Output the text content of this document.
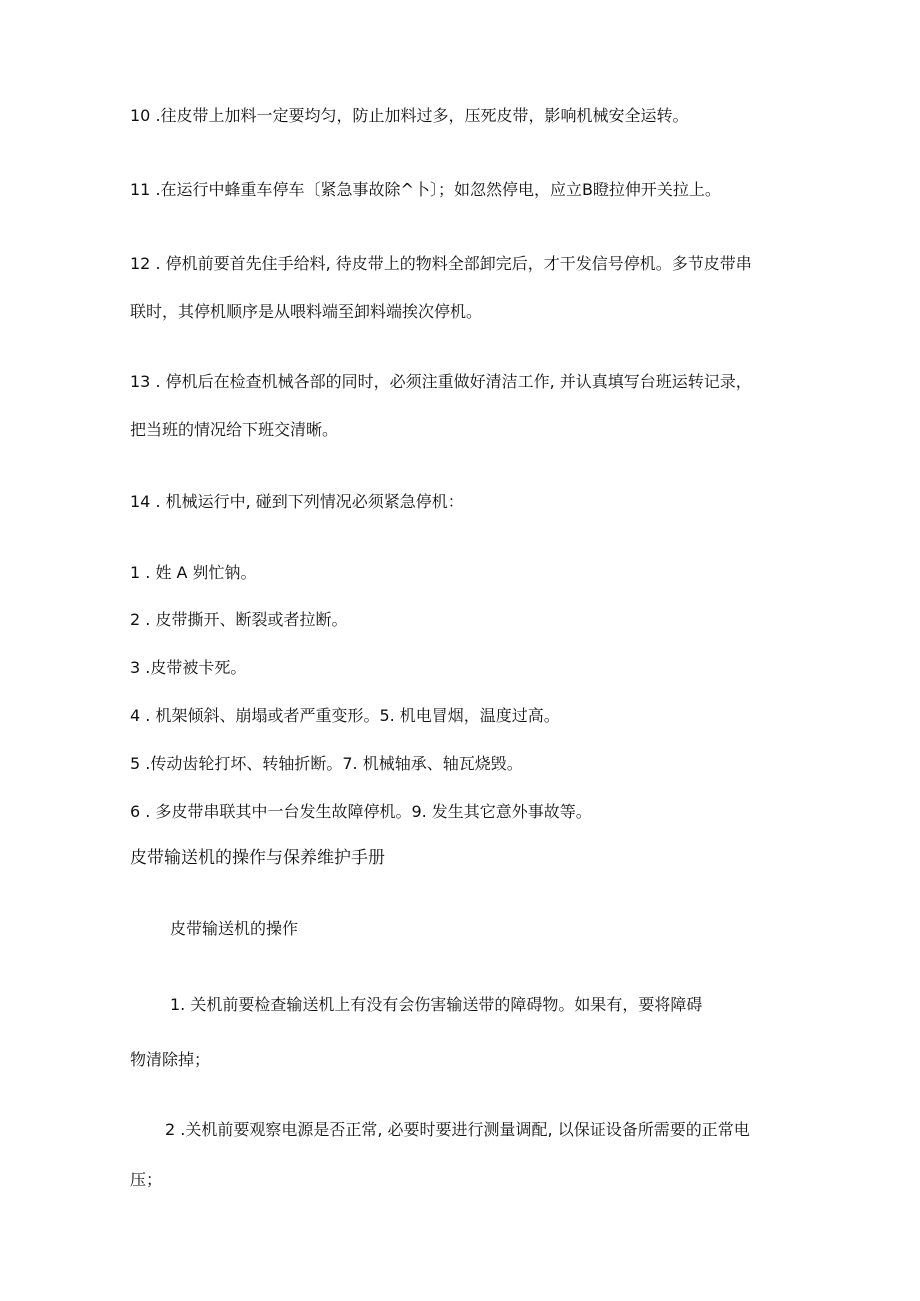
10 .往皮带上加料一定要均匀，防止加料过多，压死皮带，影响机械安全运转。
11 .在运行中蜂重车停车〔紧急事故除^卜〕；如忽然停电，应立B瞪拉伸开关拉上。
12 . 停机前要首先住手给料, 待皮带上的物料全部卸完后，才干发信号停机。多节皮带串
联时，其停机顺序是从喂料端至卸料端挨次停机。
13 . 停机后在检查机械各部的同时，必须注重做好清洁工作, 并认真填写台班运转记录，
把当班的情况给下班交清晰。
14 . 机械运行中, 碰到下列情况必须紧急停机：
1 . 姓 A 刿忙钠。
2 . 皮带撕开、断裂或者拉断。
3 .皮带被卡死。
4 . 机架倾斜、崩塌或者严重变形。5. 机电冒烟，温度过高。
5 .传动齿轮打坏、转轴折断。7. 机械轴承、轴瓦烧毁。
6 . 多皮带串联其中一台发生故障停机。9. 发生其它意外事故等。
皮带输送机的操作与保养维护手册
皮带输送机的操作
1. 关机前要检查输送机上有没有会伤害输送带的障碍物。如果有，要将障碍
物清除掉；
2 .关机前要观察电源是否正常, 必要时要进行测量调配, 以保证设备所需要的正常电
压；
